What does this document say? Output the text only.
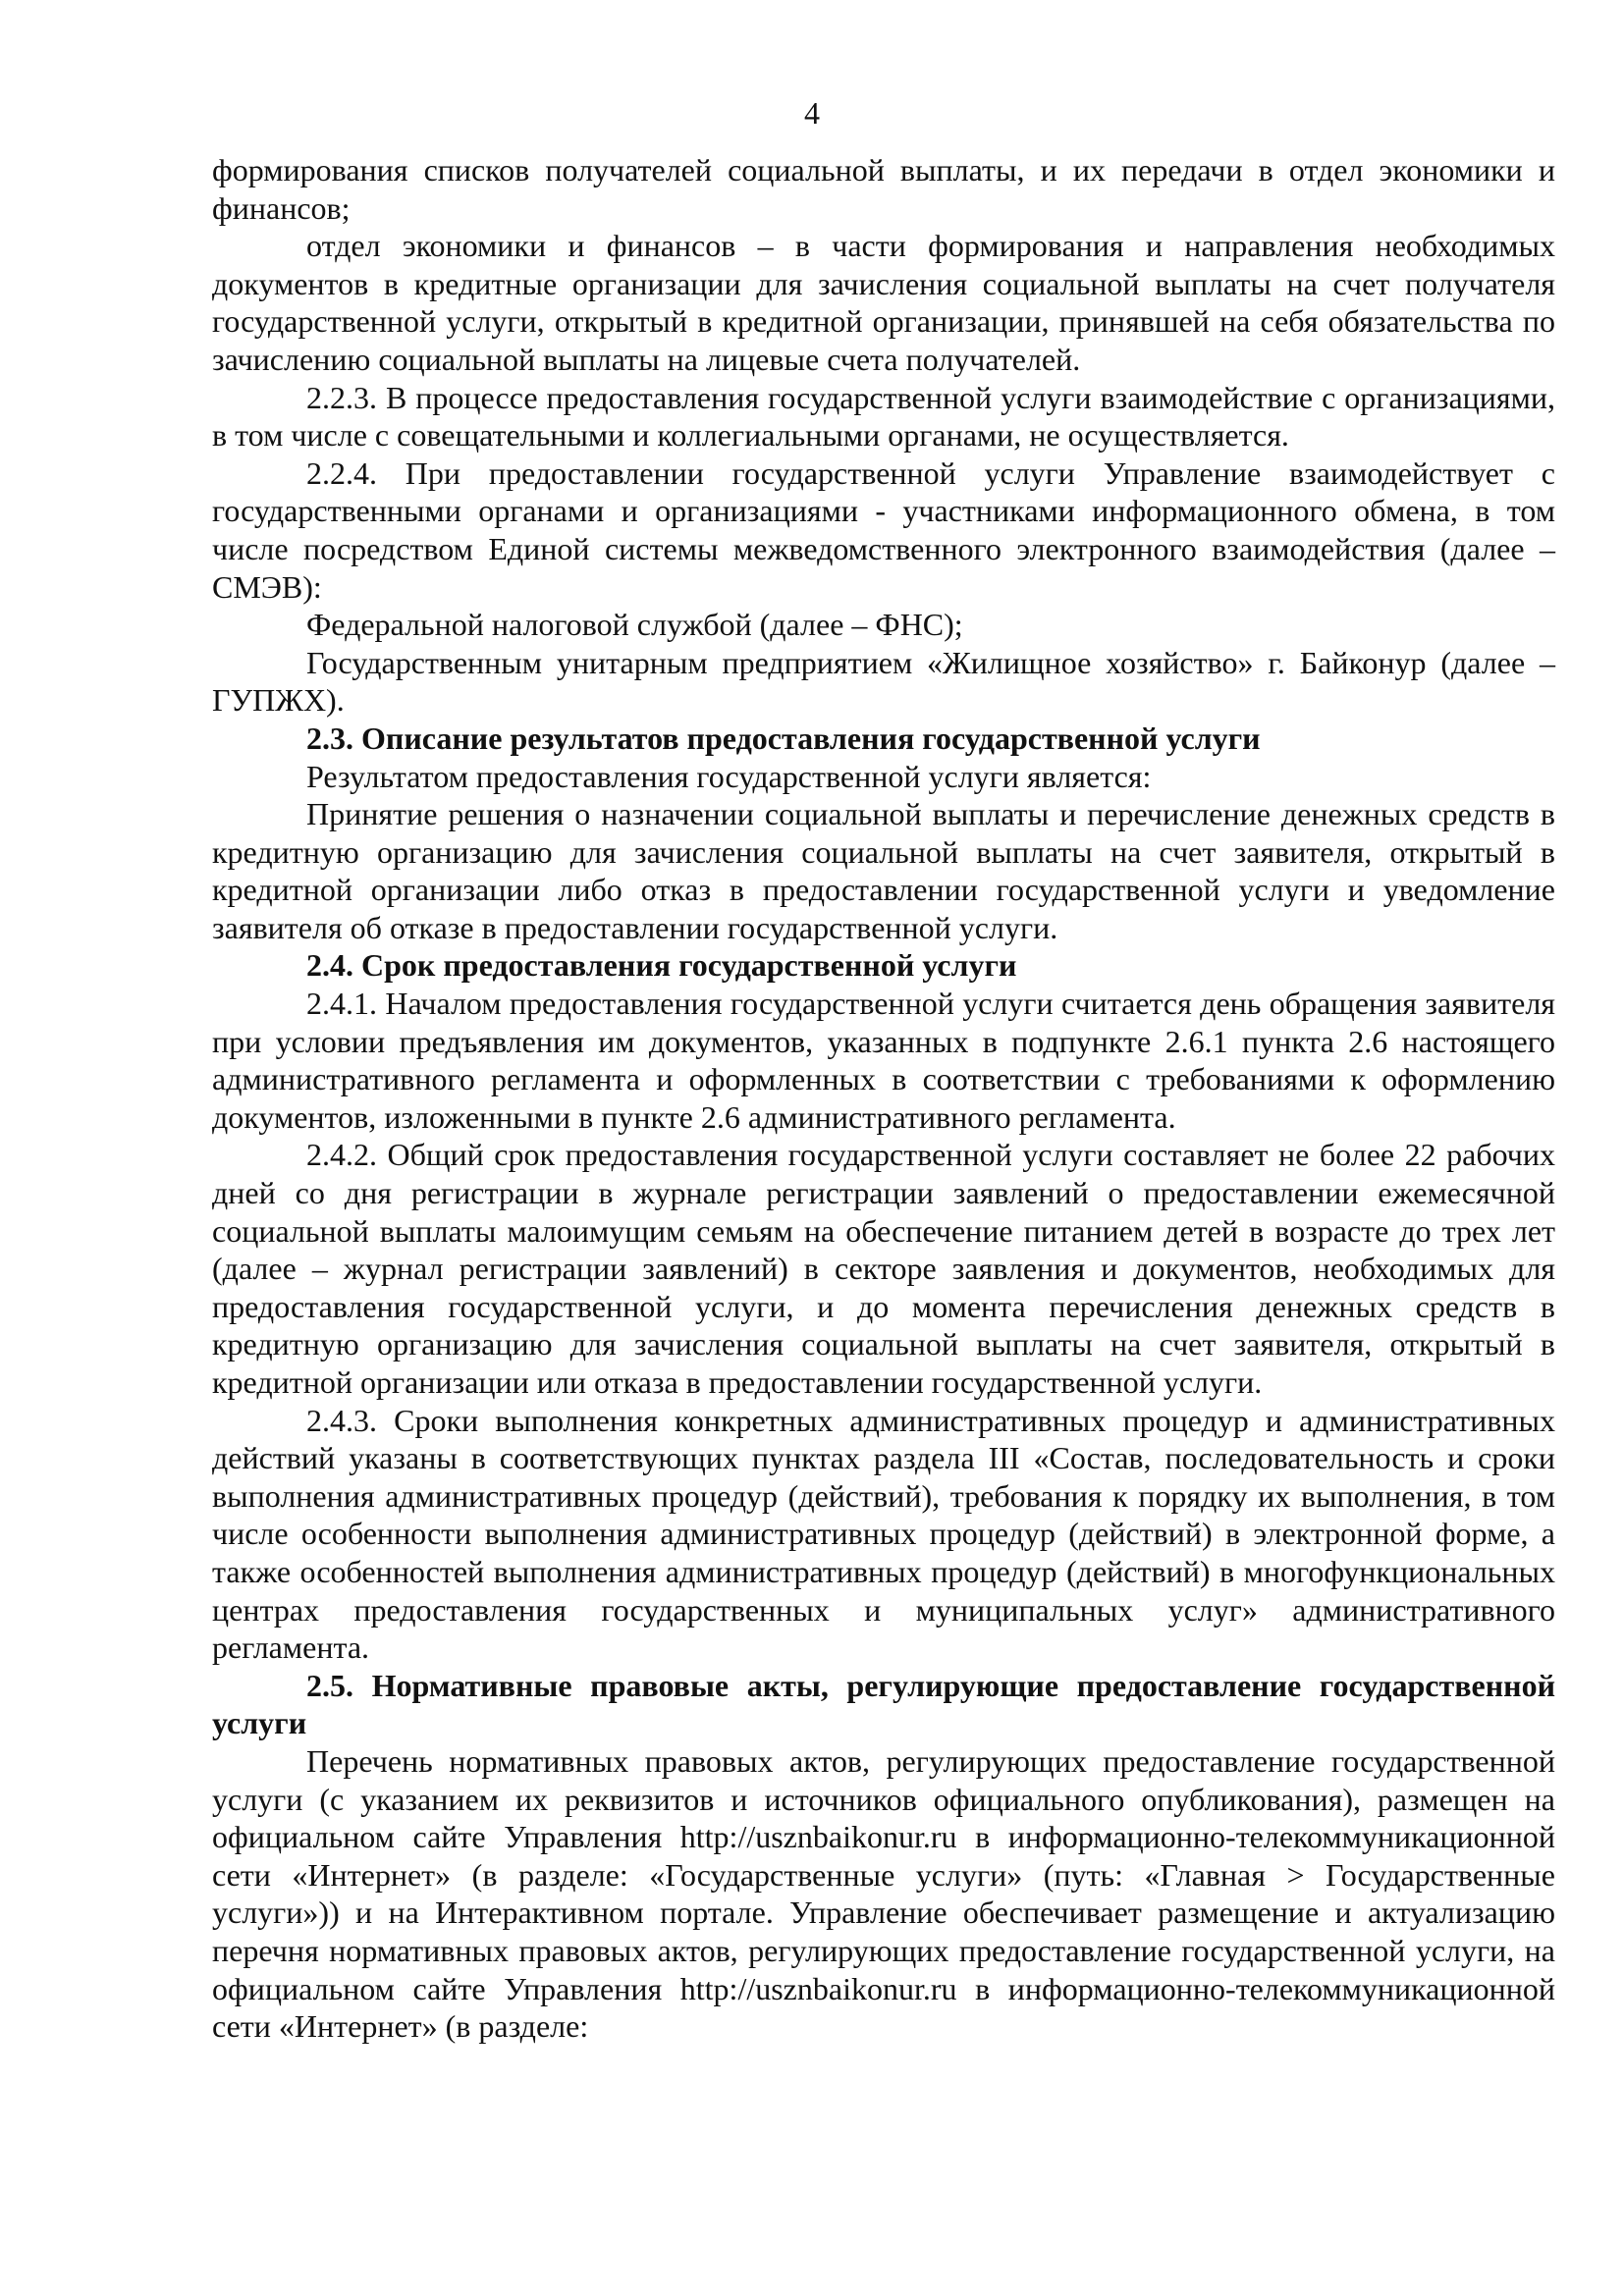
4

формирования списков получателей социальной выплаты, и их передачи в отдел экономики и финансов;

отдел экономики и финансов – в части формирования и направления необходимых документов в кредитные организации для зачисления социальной выплаты на счет получателя государственной услуги, открытый в кредитной организации, принявшей на себя обязательства по зачислению социальной выплаты на лицевые счета получателей.

2.2.3. В процессе предоставления государственной услуги взаимодействие с организациями, в том числе с совещательными и коллегиальными органами, не осуществляется.

2.2.4. При предоставлении государственной услуги Управление взаимодействует с государственными органами и организациями - участниками информационного обмена, в том числе посредством Единой системы межведомственного электронного взаимодействия (далее – СМЭВ):

Федеральной налоговой службой (далее – ФНС);

Государственным унитарным предприятием «Жилищное хозяйство» г. Байконур (далее – ГУПЖХ).

2.3. Описание результатов предоставления государственной услуги

Результатом предоставления государственной услуги является:

Принятие решения о назначении социальной выплаты и перечисление денежных средств в кредитную организацию для зачисления социальной выплаты на счет заявителя, открытый в кредитной организации либо отказ в предоставлении государственной услуги и уведомление заявителя об отказе в предоставлении государственной услуги.

2.4. Срок предоставления государственной услуги

2.4.1. Началом предоставления государственной услуги считается день обращения заявителя при условии предъявления им документов, указанных в подпункте 2.6.1 пункта 2.6 настоящего административного регламента и оформленных в соответствии с требованиями к оформлению документов, изложенными в пункте 2.6 административного регламента.

2.4.2. Общий срок предоставления государственной услуги составляет не более 22 рабочих дней со дня регистрации в журнале регистрации заявлений о предоставлении ежемесячной социальной выплаты малоимущим семьям на обеспечение питанием детей в возрасте до трех лет (далее – журнал регистрации заявлений) в секторе заявления и документов, необходимых для предоставления государственной услуги, и до момента перечисления денежных средств в кредитную организацию для зачисления социальной выплаты на счет заявителя, открытый в кредитной организации или отказа в предоставлении государственной услуги.

2.4.3. Сроки выполнения конкретных административных процедур и административных действий указаны в соответствующих пунктах раздела III «Состав, последовательность и сроки выполнения административных процедур (действий), требования к порядку их выполнения, в том числе особенности выполнения административных процедур (действий) в электронной форме, а также особенностей выполнения административных процедур (действий) в многофункциональных центрах предоставления государственных и муниципальных услуг» административного регламента.

2.5. Нормативные правовые акты, регулирующие предоставление государственной услуги

Перечень нормативных правовых актов, регулирующих предоставление государственной услуги (с указанием их реквизитов и источников официального опубликования), размещен на официальном сайте Управления http://usznbaikonur.ru в информационно-телекоммуникационной сети «Интернет» (в разделе: «Государственные услуги» (путь: «Главная > Государственные услуги»)) и на Интерактивном портале. Управление обеспечивает размещение и актуализацию перечня нормативных правовых актов, регулирующих предоставление государственной услуги, на официальном сайте Управления http://usznbaikonur.ru в информационно-телекоммуникационной сети «Интернет» (в разделе:
